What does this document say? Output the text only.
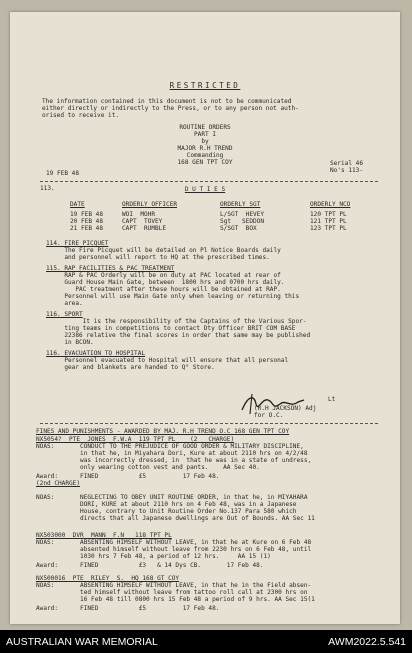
RESTRICTED
The information contained in this document is not to be communicated
either directly or indirectly to the Press, or to any person not auth-
orised to receive it.
ROUTINE ORDERS
PART I
by
MAJOR R.H TREND
Commanding
168 GEN TPT COY
19 FEB 48
Serial 46
No's 113-
113.	D U T I E S
DATE	ORDERLY OFFICER	ORDERLY SGT	ORDERLY NCO
19 FEB 48	WOI  MOHR	L/SGT  HEVEY	120 TPT PL
20 FEB 48	CAPT  TOVEY	Sgt   SEDDON	121 TPT PL
21 FEB 48	CAPT  RUMBLE	S/SGT  BOX	123 TPT PL
114. FIRE PICQUET
The Fire Picquet will be detailed on Pl Notice Boards daily
and personnel will report to HQ at the prescribed times.
115. RAP FACILITIES & PAC TREATMENT
RAP & PAC Orderly will be on duty at PAC located at rear of
Guard House Main Gate, between  1800 hrs and 0700 hrs daily.
PAC treatment after these hours will be obtained at RAP.
Personnel will use Main Gate only when leaving or returning this
area.
116. SPORT
It is the responsibility of the Captains of the Various Spor-
ting teams in competitions to contact Dty Officer BRIT COM BASE
22386 relative the final scores in order that same may be published
in BCON.
116. EVACUATION TO HOSPITAL
Personnel evacuated to Hospital will ensure that all personal
gear and blankets are handed to Q° Store.
Lt
(R.H JACKSON) Adj
for O.C.
FINES AND PUNISHMENTS - AWARDED BY MAJ. R.H TREND O.C 168 GEN TPT COY
NX5054?  PTE  JONES  F.W.A  119 TPT PL    (2   CHARGE)
NOAS:       CONDUCT TO THE PREJUDICE OF GOOD ORDER & MILITARY DISCIPLINE,
in that he, in Miyahara Dori, Kure at about 2110 hrs on 4/2/48
was incorrectly dressed, in  that he was in a state of undress,
only wearing cotton vest and pants.    AA Sec 40.
Award:      FINED           £5          17 Feb 48.
(2nd CHARGE)
NOAS:       NEGLECTING TO OBEY UNIT ROUTINE ORDER, in that he, in MIYAHARA
DORI, KURE at about 2110 hrs on 4 Feb 48, was in a Japanese
House, contrary to Unit Routine Order No.137 Para 580 which
directs that all Japanese dwellings are Out of Bounds. AA Sec 11
NX503000  DVR  MANN  F.N   118 TPT PL
NOAS:       ABSENTING HIMSELF WITHOUT LEAVE, in that he at Kure on 6 Feb 48
absented himself without leave from 2230 hrs on 6 Feb 48, until
1030 hrs 7 Feb 48, a period of 12 hrs.     AA 15 (1)
Award:      FINED           £3   & 14 Dys CB.       17 Feb 48.
NX500016  PTE  RILEY  S.  HQ 168 GT COY
NOAS:       ABSENTING HIMSELF WITHOUT LEAVE, in that he in the Field absen-
ted himself without leave from tattoo roll call at 2300 hrs on
16 Feb 48 till 0800 hrs 15 Feb 48 a period of 9 hrs. AA Sec 15(1
Award:      FINED           £5          17 Feb 48.
AUSTRALIAN WAR MEMORIAL	AWM2022.5.541
